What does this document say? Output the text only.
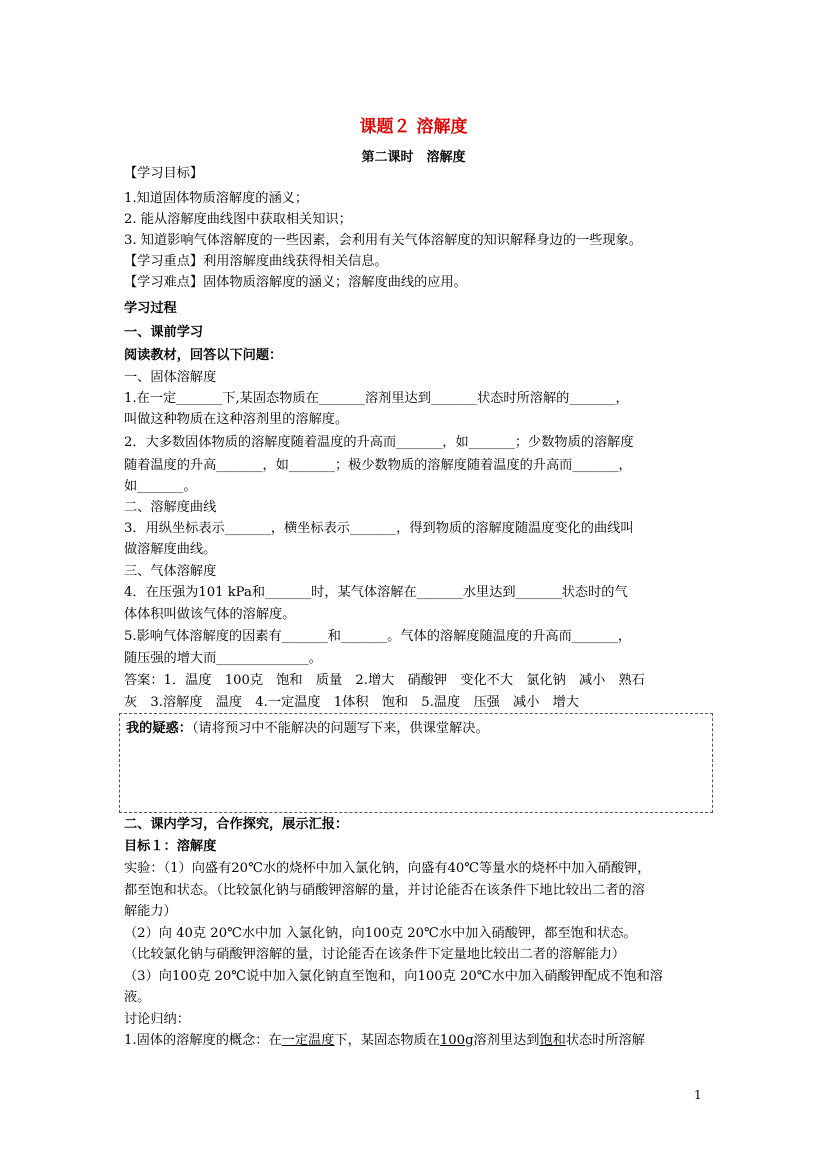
课题２ 溶解度
第二课时　溶解度
【学习目标】
1.知道固体物质溶解度的涵义；
2. 能从溶解度曲线图中获取相关知识；
3. 知道影响气体溶解度的一些因素，会利用有关气体溶解度的知识解释身边的一些现象。
【学习重点】利用溶解度曲线获得相关信息。
【学习难点】固体物质溶解度的涵义；溶解度曲线的应用。
学习过程
一、课前学习
阅读教材，回答以下问题：
一、固体溶解度
1.在一定_______下,某固态物质在_______溶剂里达到_______状态时所溶解的_______，
叫做这种物质在这种溶剂里的溶解度。
2．大多数固体物质的溶解度随着温度的升高而_______，如_______；少数物质的溶解度
随着温度的升高_______，如_______；极少数物质的溶解度随着温度的升高而_______，
如_______。
二、溶解度曲线
3．用纵坐标表示_______，横坐标表示_______，得到物质的溶解度随温度变化的曲线叫
做溶解度曲线。
三、气体溶解度
4．在压强为101 kPa和_______时，某气体溶解在_______水里达到_______状态时的气
体体积叫做该气体的溶解度。
5.影响气体溶解度的因素有_______和_______。气体的溶解度随温度的升高而_______，
随压强的增大而______________。
答案：1．温度　100克　饱和　质量　2.增大　硝酸钾　变化不大　氯化钠　减小　熟石
灰　3.溶解度　温度　4.一定温度　1体积　饱和　5.温度　压强　减小　增大
我的疑惑：（请将预习中不能解决的问题写下来，供课堂解决。
二、课内学习，合作探究，展示汇报：
目标１：溶解度
实验：（1）向盛有20℃水的烧杯中加入氯化钠，向盛有40℃等量水的烧杯中加入硝酸钾，
都至饱和状态。（比较氯化钠与硝酸钾溶解的量，并讨论能否在该条件下地比较出二者的溶
解能力）
（2）向 40克 20℃水中加 入氯化钠，向100克 20℃水中加入硝酸钾，都至饱和状态。
（比较氯化钠与硝酸钾溶解的量，讨论能否在该条件下定量地比较出二者的溶解能力）
（3）向100克 20℃说中加入氯化钠直至饱和，向100克 20℃水中加入硝酸钾配成不饱和溶
液。
讨论归纳：
1.固体的溶解度的概念：在一定温度下，某固态物质在100g溶剂里达到饱和状态时所溶解
1
